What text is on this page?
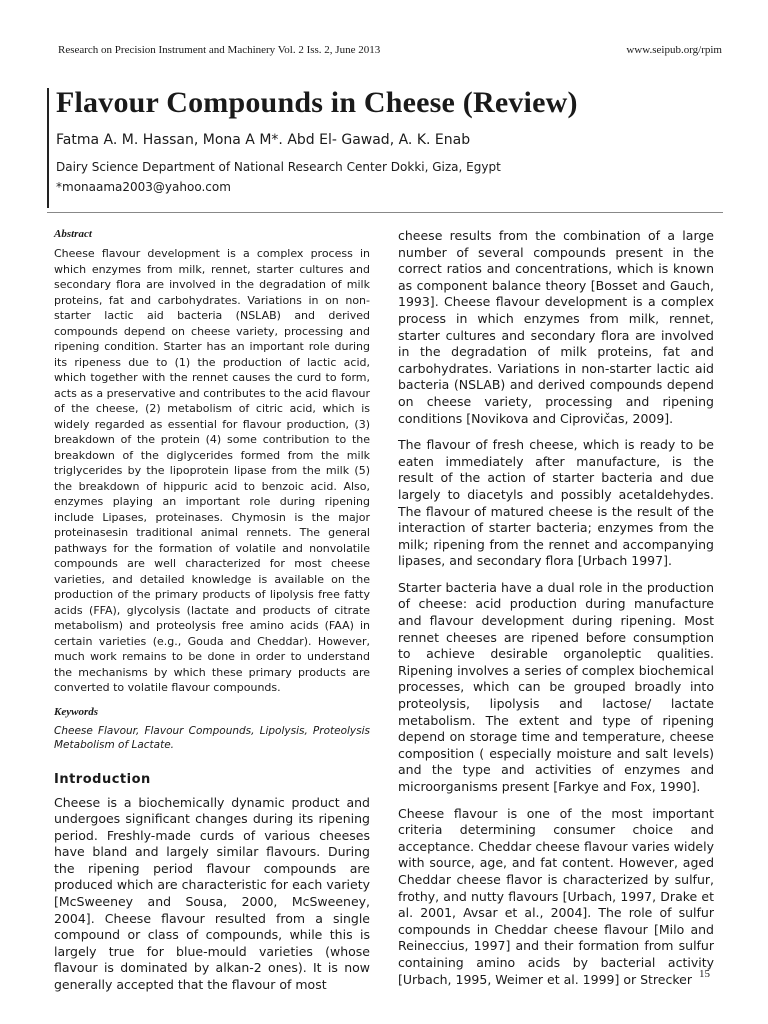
Research on Precision Instrument and Machinery Vol. 2 Iss. 2, June 2013	www.seipub.org/rpim
Flavour Compounds in Cheese (Review)
Fatma A. M. Hassan, Mona A M*. Abd El- Gawad, A. K. Enab
Dairy Science Department of National Research Center Dokki, Giza, Egypt
*monaama2003@yahoo.com

Abstract

Cheese flavour development is a complex process in which enzymes from milk, rennet, starter cultures and secondary flora are involved in the degradation of milk proteins, fat and carbohydrates. Variations in on non-starter lactic aid bacteria (NSLAB) and derived compounds depend on cheese variety, processing and ripening condition. Starter has an important role during its ripeness due to (1) the production of lactic acid, which together with the rennet causes the curd to form, acts as a preservative and contributes to the acid flavour of the cheese, (2) metabolism of citric acid, which is widely regarded as essential for flavour production, (3) breakdown of the protein (4) some contribution to the breakdown of the diglycerides formed from the milk triglycerides by the lipoprotein lipase from the milk (5) the breakdown of hippuric acid to benzoic acid. Also, enzymes playing an important role during ripening include Lipases, proteinases. Chymosin is the major proteinasesin traditional animal rennets. The general pathways for the formation of volatile and nonvolatile compounds are well characterized for most cheese varieties, and detailed knowledge is available on the production of the primary products of lipolysis free fatty acids (FFA), glycolysis (lactate and products of citrate metabolism) and proteolysis free amino acids (FAA) in certain varieties (e.g., Gouda and Cheddar). However, much work remains to be done in order to understand the mechanisms by which these primary products are converted to volatile flavour compounds.

Keywords

Cheese Flavour, Flavour Compounds, Lipolysis, Proteolysis Metabolism of Lactate.

Introduction

Cheese is a biochemically dynamic product and undergoes significant changes during its ripening period. Freshly-made curds of various cheeses have bland and largely similar flavours. During the ripening period flavour compounds are produced which are characteristic for each variety [McSweeney and Sousa, 2000, McSweeney, 2004]. Cheese flavour resulted from a single compound or class of compounds, while this is largely true for blue-mould varieties (whose flavour is dominated by alkan-2 ones). It is now generally accepted that the flavour of most

cheese results from the combination of a large number of several compounds present in the correct ratios and concentrations, which is known as component balance theory [Bosset and Gauch, 1993]. Cheese flavour development is a complex process in which enzymes from milk, rennet, starter cultures and secondary flora are involved in the degradation of milk proteins, fat and carbohydrates. Variations in non-starter lactic aid bacteria (NSLAB) and derived compounds depend on cheese variety, processing and ripening conditions [Novikova and Ciprovičas, 2009].

The flavour of fresh cheese, which is ready to be eaten immediately after manufacture, is the result of the action of starter bacteria and due largely to diacetyls and possibly acetaldehydes. The flavour of matured cheese is the result of the interaction of starter bacteria; enzymes from the milk; ripening from the rennet and accompanying lipases, and secondary flora [Urbach 1997].

Starter bacteria have a dual role in the production of cheese: acid production during manufacture and flavour development during ripening. Most rennet cheeses are ripened before consumption to achieve desirable organoleptic qualities. Ripening involves a series of complex biochemical processes, which can be grouped broadly into proteolysis, lipolysis and lactose/ lactate metabolism. The extent and type of ripening depend on storage time and temperature, cheese composition ( especially moisture and salt levels) and the type and activities of enzymes and microorganisms present [Farkye and Fox, 1990].

Cheese flavour is one of the most important criteria determining consumer choice and acceptance. Cheddar cheese flavour varies widely with source, age, and fat content. However, aged Cheddar cheese flavor is characterized by sulfur, frothy, and nutty flavours [Urbach, 1997, Drake et al. 2001, Avsar et al., 2004]. The role of sulfur compounds in Cheddar cheese flavour [Milo and Reineccius, 1997] and their formation from sulfur containing amino acids by bacterial activity [Urbach, 1995, Weimer et al. 1999] or Strecker 15
